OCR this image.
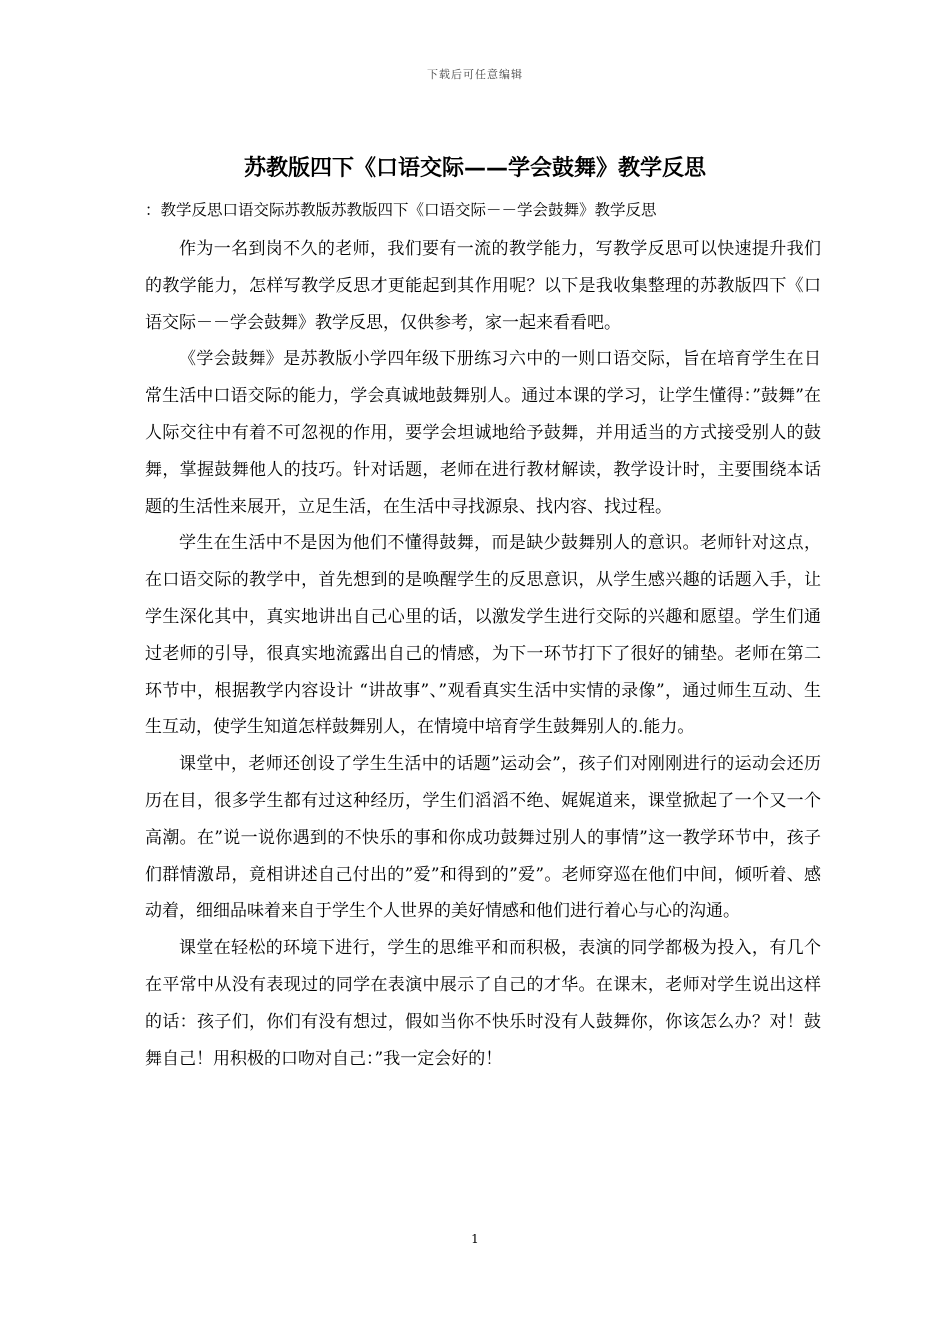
下载后可任意编辑
苏教版四下《口语交际——学会鼓舞》教学反思
：教学反思口语交际苏教版苏教版四下《口语交际－－学会鼓舞》教学反思

作为一名到岗不久的老师，我们要有一流的教学能力，写教学反思可以快速提升我们的教学能力，怎样写教学反思才更能起到其作用呢？以下是我收集整理的苏教版四下《口语交际－－学会鼓舞》教学反思，仅供参考，家一起来看看吧。

《学会鼓舞》是苏教版小学四年级下册练习六中的一则口语交际，旨在培育学生在日常生活中口语交际的能力，学会真诚地鼓舞别人。通过本课的学习，让学生懂得：”鼓舞”在人际交往中有着不可忽视的作用，要学会坦诚地给予鼓舞，并用适当的方式接受别人的鼓舞，掌握鼓舞他人的技巧。针对话题，老师在进行教材解读，教学设计时，主要围绕本话题的生活性来展开，立足生活，在生活中寻找源泉、找内容、找过程。

学生在生活中不是因为他们不懂得鼓舞，而是缺少鼓舞别人的意识。老师针对这点，在口语交际的教学中，首先想到的是唤醒学生的反思意识，从学生感兴趣的话题入手，让学生深化其中，真实地讲出自己心里的话，以激发学生进行交际的兴趣和愿望。学生们通过老师的引导，很真实地流露出自己的情感，为下一环节打下了很好的铺垫。老师在第二环节中，根据教学内容设计 “讲故事”、”观看真实生活中实情的录像”，通过师生互动、生生互动，使学生知道怎样鼓舞别人，在情境中培育学生鼓舞别人的.能力。

课堂中，老师还创设了学生生活中的话题”运动会”，孩子们对刚刚进行的运动会还历历在目，很多学生都有过这种经历，学生们滔滔不绝、娓娓道来，课堂掀起了一个又一个高潮。在”说一说你遇到的不快乐的事和你成功鼓舞过别人的事情”这一教学环节中，孩子们群情激昂，竟相讲述自己付出的”爱”和得到的”爱”。老师穿巡在他们中间，倾听着、感动着，细细品味着来自于学生个人世界的美好情感和他们进行着心与心的沟通。

课堂在轻松的环境下进行，学生的思维平和而积极，表演的同学都极为投入，有几个在平常中从没有表现过的同学在表演中展示了自己的才华。在课末，老师对学生说出这样的话：孩子们，你们有没有想过，假如当你不快乐时没有人鼓舞你，你该怎么办？对！鼓舞自己！用积极的口吻对自己：”我一定会好的！

1
